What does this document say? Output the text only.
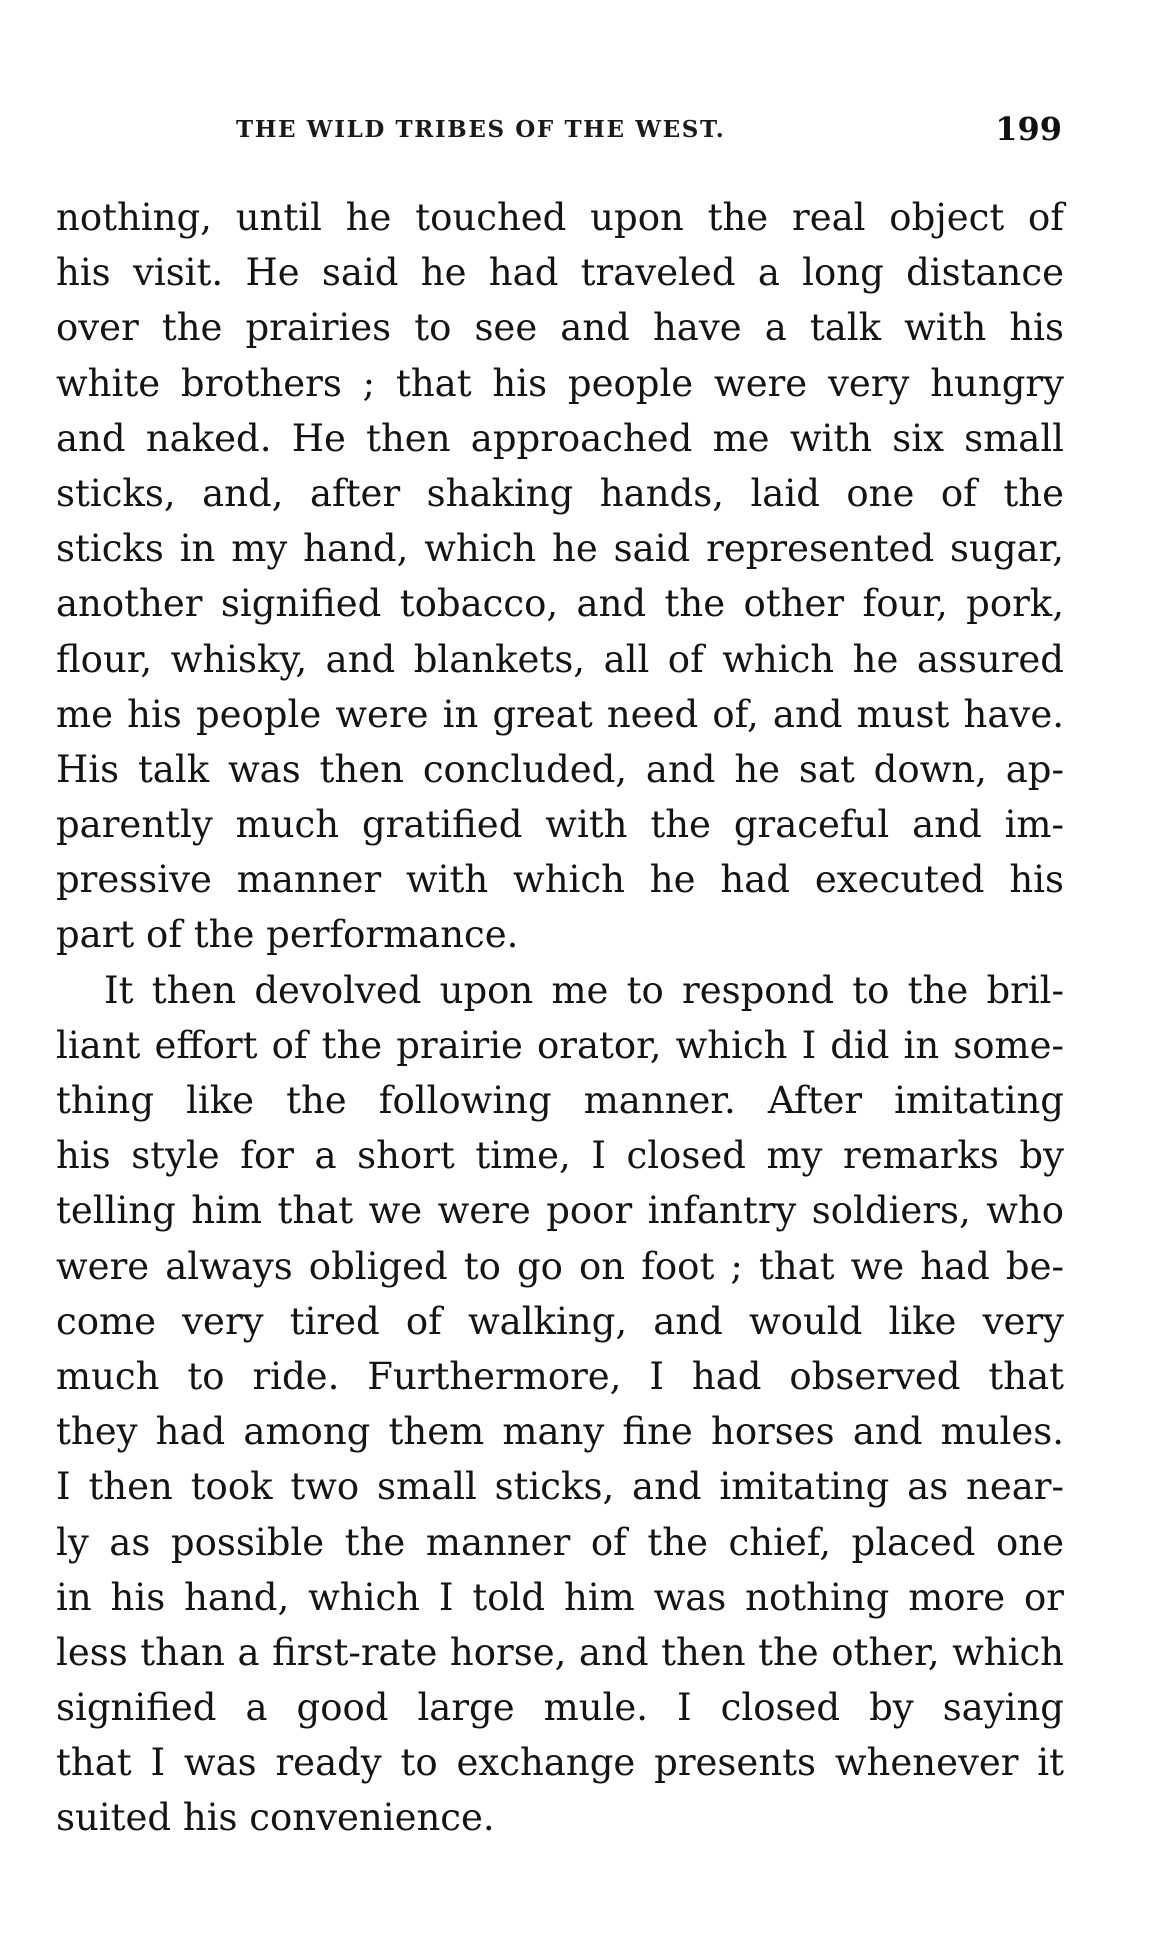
THE WILD TRIBES OF THE WEST.	199
nothing, until he touched upon the real object of
his visit. He said he had traveled a long distance
over the prairies to see and have a talk with his
white brothers ; that his people were very hungry
and naked. He then approached me with six small
sticks, and, after shaking hands, laid one of the
sticks in my hand, which he said represented sugar,
another signified tobacco, and the other four, pork,
flour, whisky, and blankets, all of which he assured
me his people were in great need of, and must have.
His talk was then concluded, and he sat down, ap-
parently much gratified with the graceful and im-
pressive manner with which he had executed his
part of the performance.
It then devolved upon me to respond to the bril-
liant effort of the prairie orator, which I did in some-
thing like the following manner. After imitating
his style for a short time, I closed my remarks by
telling him that we were poor infantry soldiers, who
were always obliged to go on foot ; that we had be-
come very tired of walking, and would like very
much to ride. Furthermore, I had observed that
they had among them many fine horses and mules.
I then took two small sticks, and imitating as near-
ly as possible the manner of the chief, placed one
in his hand, which I told him was nothing more or
less than a first-rate horse, and then the other, which
signified a good large mule. I closed by saying
that I was ready to exchange presents whenever it
suited his convenience.
